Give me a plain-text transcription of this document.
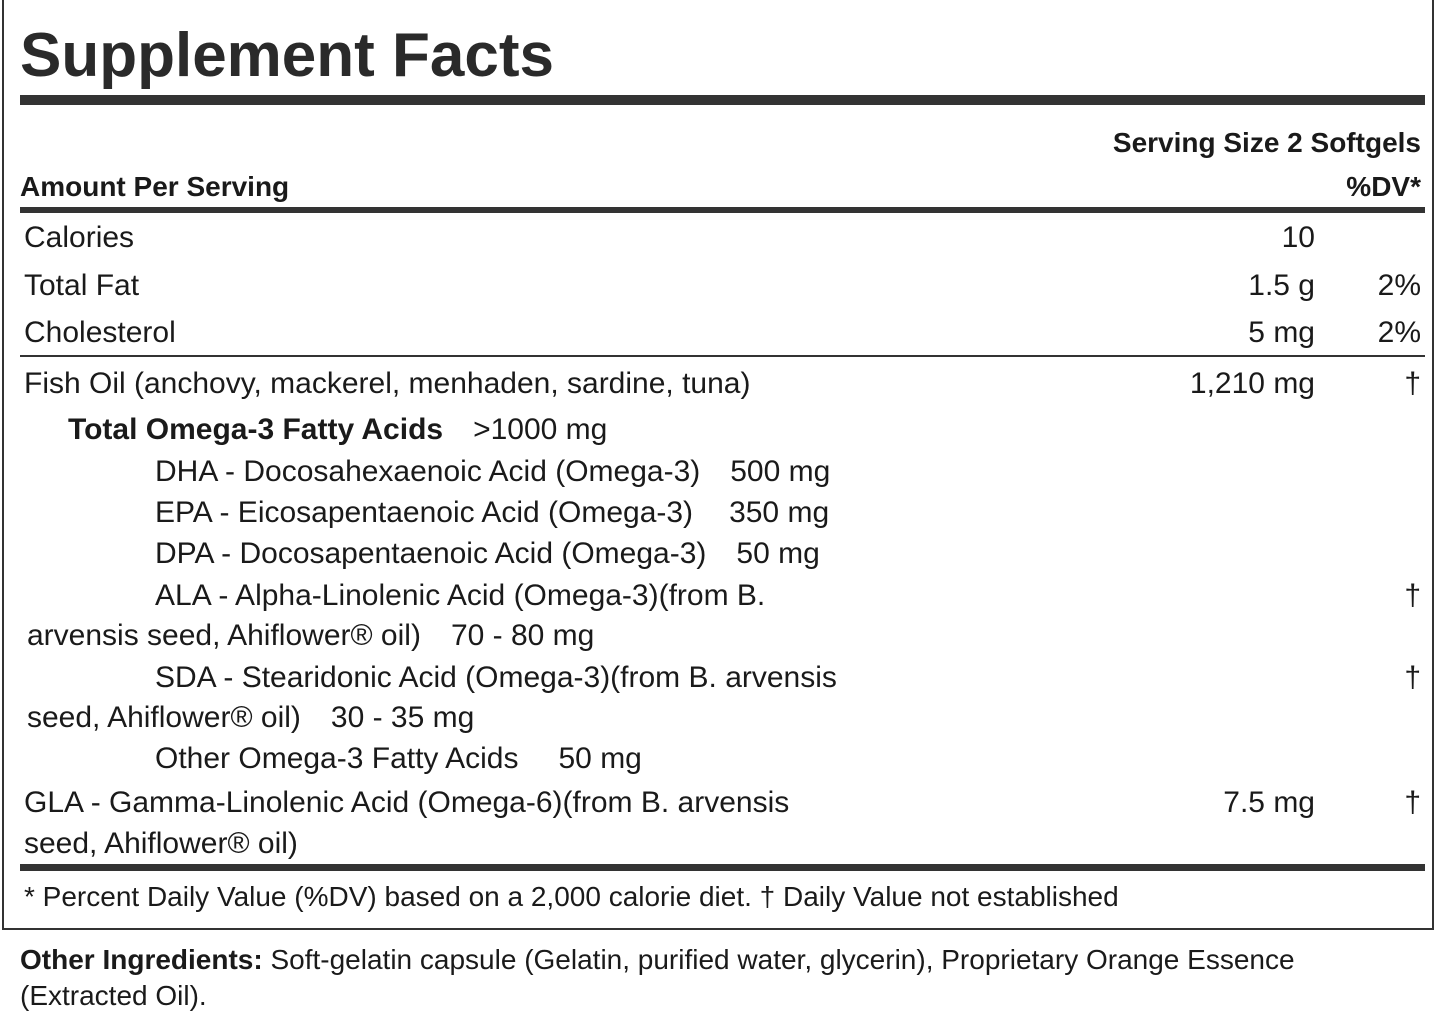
Supplement Facts
Serving Size 2 Softgels
Amount Per Serving	%DV*
Calories	10
Total Fat	1.5 g 2%
Cholesterol	5 mg 2%
Fish Oil (anchovy, mackerel, menhaden, sardine, tuna)	1,210 mg	†
Total Omega-3 Fatty Acids >1000 mg
DHA - Docosahexaenoic Acid (Omega-3) 500 mg
EPA - Eicosapentaenoic Acid (Omega-3) 350 mg
DPA - Docosapentaenoic Acid (Omega-3) 50 mg
ALA - Alpha-Linolenic Acid (Omega-3)(from B.	†
arvensis seed, Ahiflower® oil) 70 - 80 mg
SDA - Stearidonic Acid (Omega-3)(from B. arvensis	†
seed, Ahiflower® oil) 30 - 35 mg
Other Omega-3 Fatty Acids 50 mg
GLA - Gamma-Linolenic Acid (Omega-6)(from B. arvensis	7.5 mg	†
seed, Ahiflower® oil)
* Percent Daily Value (%DV) based on a 2,000 calorie diet. † Daily Value not established
Other Ingredients: Soft-gelatin capsule (Gelatin, purified water, glycerin), Proprietary Orange Essence (Extracted Oil).
